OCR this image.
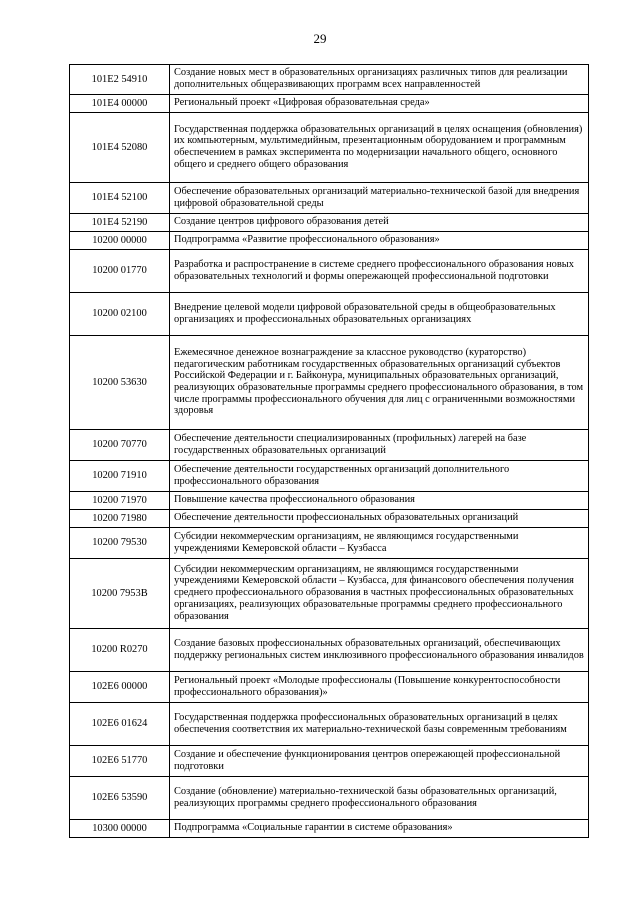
29
101E2 54910	Создание новых мест в образовательных организациях различных типов для реализации дополнительных общеразвивающих программ всех направленностей
101E4 00000	Региональный проект «Цифровая образовательная среда»
101E4 52080	Государственная поддержка образовательных организаций в целях оснащения (обновления) их компьютерным, мультимедийным, презентационным оборудованием и программным обеспечением в рамках эксперимента по модернизации начального общего, основного общего и среднего общего образования
101E4 52100	Обеспечение образовательных организаций материально-технической базой для внедрения цифровой образовательной среды
101E4 52190	Создание центров цифрового образования детей
10200 00000	Подпрограмма «Развитие профессионального образования»
10200 01770	Разработка и распространение в системе среднего профессионального образования новых образовательных технологий и формы опережающей профессиональной подготовки
10200 02100	Внедрение целевой модели цифровой образовательной среды в общеобразовательных организациях и профессиональных образовательных организациях
10200 53630	Ежемесячное денежное вознаграждение за классное руководство (кураторство) педагогическим работникам государственных образовательных организаций субъектов Российской Федерации и г. Байконура, муниципальных образовательных организаций, реализующих образовательные программы среднего профессионального образования, в том числе программы профессионального обучения для лиц с ограниченными возможностями здоровья
10200 70770	Обеспечение деятельности специализированных (профильных) лагерей на базе государственных образовательных организаций
10200 71910	Обеспечение деятельности государственных организаций дополнительного профессионального образования
10200 71970	Повышение качества профессионального образования
10200 71980	Обеспечение деятельности профессиональных образовательных организаций
10200 79530	Субсидии некоммерческим организациям, не являющимся государственными учреждениями Кемеровской области – Кузбасса
10200 7953В	Субсидии некоммерческим организациям, не являющимся государственными учреждениями Кемеровской области – Кузбасса, для финансового обеспечения получения среднего профессионального образования в частных профессиональных образовательных организациях, реализующих образовательные программы среднего профессионального образования
10200 R0270	Создание базовых профессиональных образовательных организаций, обеспечивающих поддержку региональных систем инклюзивного профессионального образования инвалидов
102E6 00000	Региональный проект «Молодые профессионалы (Повышение конкурентоспособности профессионального образования)»
102E6 01624	Государственная поддержка профессиональных образовательных организаций в целях обеспечения соответствия их материально-технической базы современным требованиям
102E6 51770	Создание и обеспечение функционирования центров опережающей профессиональной подготовки
102E6 53590	Создание (обновление) материально-технической базы образовательных организаций, реализующих программы среднего профессионального образования
10300 00000	Подпрограмма «Социальные гарантии в системе образования»
